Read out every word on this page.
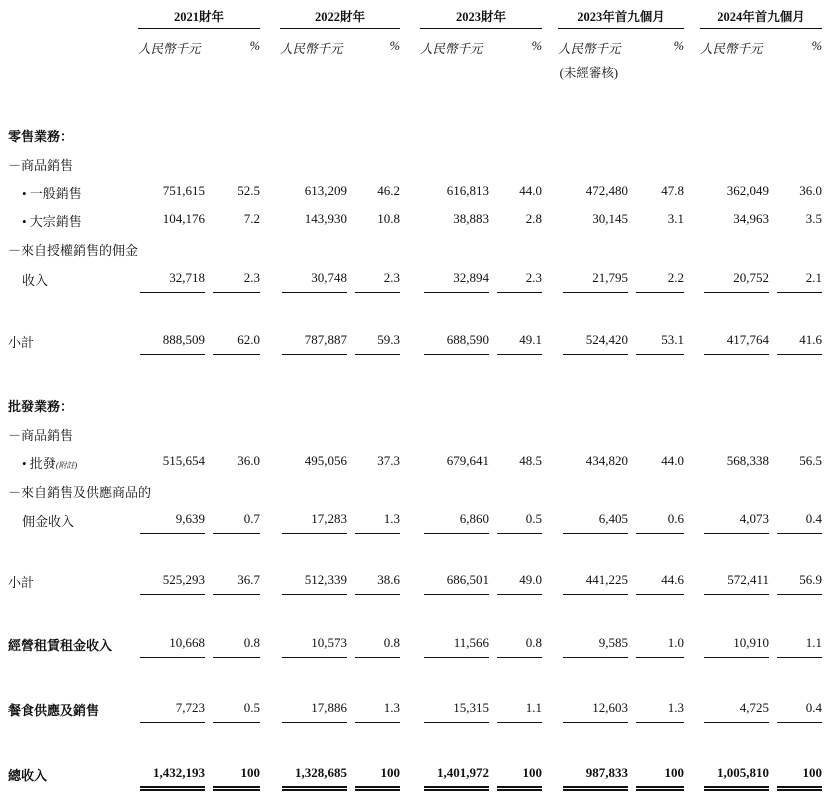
2021財年
人民幣千元	%
2022財年
人民幣千元	%
2023財年
人民幣千元	%
2023年首九個月
人民幣千元	%
(未經審核)
2024年首九個月
人民幣千元	%
零售業務：
－商品銷售
• 一般銷售	751,615	52.5	613,209	46.2	616,813	44.0	472,480	47.8	362,049	36.0
• 大宗銷售	104,176	7.2	143,930	10.8	38,883	2.8	30,145	3.1	34,963	3.5
－來自授權銷售的佣金
收入	32,718	2.3	30,748	2.3	32,894	2.3	21,795	2.2	20,752	2.1
小計	888,509	62.0	787,887	59.3	688,590	49.1	524,420	53.1	417,764	41.6
批發業務：
－商品銷售
• 批發(附註)	515,654	36.0	495,056	37.3	679,641	48.5	434,820	44.0	568,338	56.5
－來自銷售及供應商品的
佣金收入	9,639	0.7	17,283	1.3	6,860	0.5	6,405	0.6	4,073	0.4
小計	525,293	36.7	512,339	38.6	686,501	49.0	441,225	44.6	572,411	56.9
經營租賃租金收入	10,668	0.8	10,573	0.8	11,566	0.8	9,585	1.0	10,910	1.1
餐食供應及銷售	7,723	0.5	17,886	1.3	15,315	1.1	12,603	1.3	4,725	0.4
總收入	1,432,193	100	1,328,685	100	1,401,972	100	987,833	100	1,005,810	100
